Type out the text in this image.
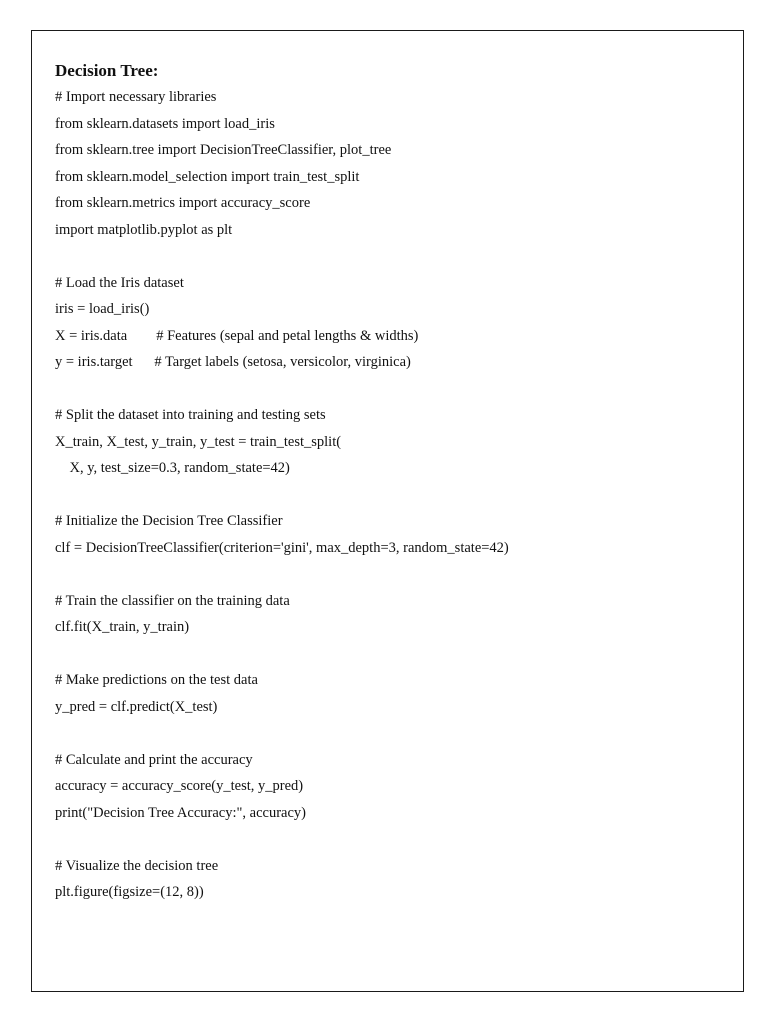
Decision Tree:
# Import necessary libraries
from sklearn.datasets import load_iris
from sklearn.tree import DecisionTreeClassifier, plot_tree
from sklearn.model_selection import train_test_split
from sklearn.metrics import accuracy_score
import matplotlib.pyplot as plt
# Load the Iris dataset
iris = load_iris()
X = iris.data        # Features (sepal and petal lengths & widths)
y = iris.target      # Target labels (setosa, versicolor, virginica)
# Split the dataset into training and testing sets
X_train, X_test, y_train, y_test = train_test_split(
X, y, test_size=0.3, random_state=42)
# Initialize the Decision Tree Classifier
clf = DecisionTreeClassifier(criterion='gini', max_depth=3, random_state=42)
# Train the classifier on the training data
clf.fit(X_train, y_train)
# Make predictions on the test data
y_pred = clf.predict(X_test)
# Calculate and print the accuracy
accuracy = accuracy_score(y_test, y_pred)
print("Decision Tree Accuracy:", accuracy)
# Visualize the decision tree
plt.figure(figsize=(12, 8))
